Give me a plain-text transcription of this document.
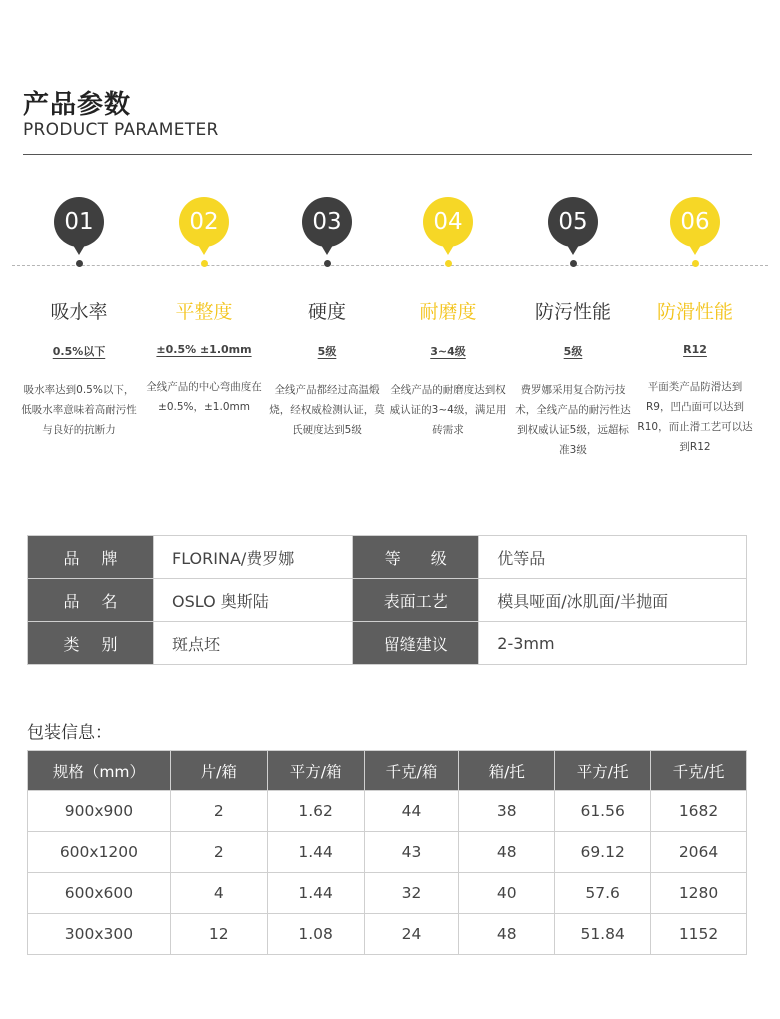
产品参数
PRODUCT PARAMETER
01
吸水率
0.5%以下
吸水率达到0.5%以下，低吸水率意味着高耐污性与良好的抗断力
02
平整度
±0.5% ±1.0mm
全线产品的中心弯曲度在±0.5%，±1.0mm
03
硬度
5级
全线产品都经过高温煅烧，经权威检测认证，莫氏硬度达到5级
04
耐磨度
3~4级
全线产品的耐磨度达到权威认证的3~4级，满足用砖需求
05
防污性能
5级
费罗娜采用复合防污技术，全线产品的耐污性达到权威认证5级，远超标准3级
06
防滑性能
R12
平面类产品防滑达到R9，凹凸面可以达到R10，而止滑工艺可以达到R12
品牌	FLORINA/费罗娜	等级	优等品
品名	OSLO 奥斯陆	表面工艺	模具哑面/冰肌面/半抛面
类别	斑点坯	留缝建议	2-3mm
包装信息：
规格（mm）	片/箱	平方/箱	千克/箱	箱/托	平方/托	千克/托
900x900	2	1.62	44	38	61.56	1682
600x1200	2	1.44	43	48	69.12	2064
600x600	4	1.44	32	40	57.6	1280
300x300	12	1.08	24	48	51.84	1152
